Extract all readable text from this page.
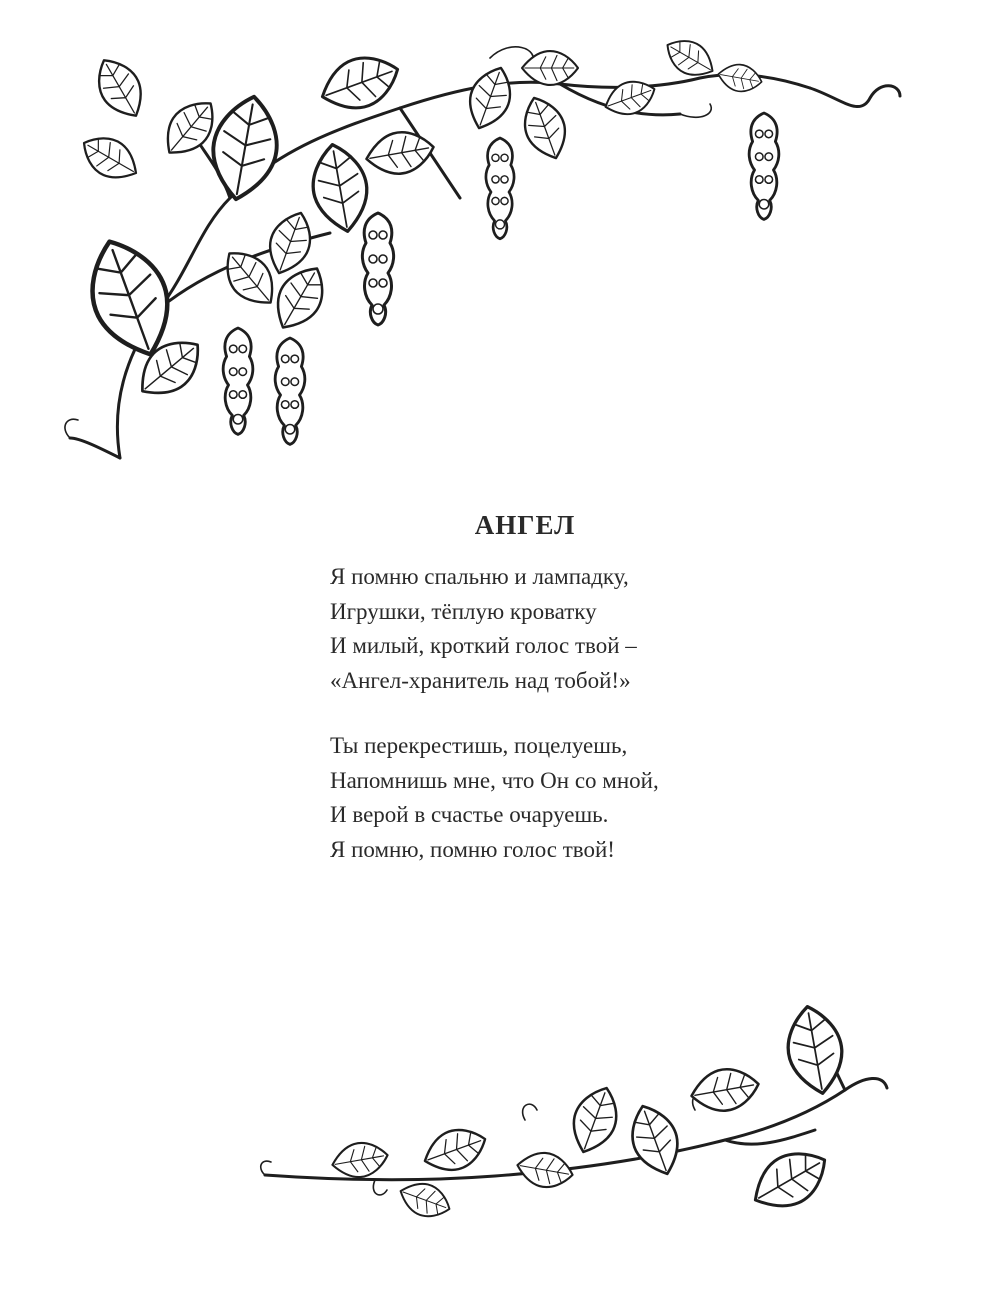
АНГЕЛ
Я помню спальню и лампадку,
Игрушки, тёплую кроватку
И милый, кроткий голос твой –
«Ангел-хранитель над тобой!»
Ты перекрестишь, поцелуешь,
Напомнишь мне, что Он со мной,
И верой в счастье очаруешь.
Я помню, помню голос твой!
